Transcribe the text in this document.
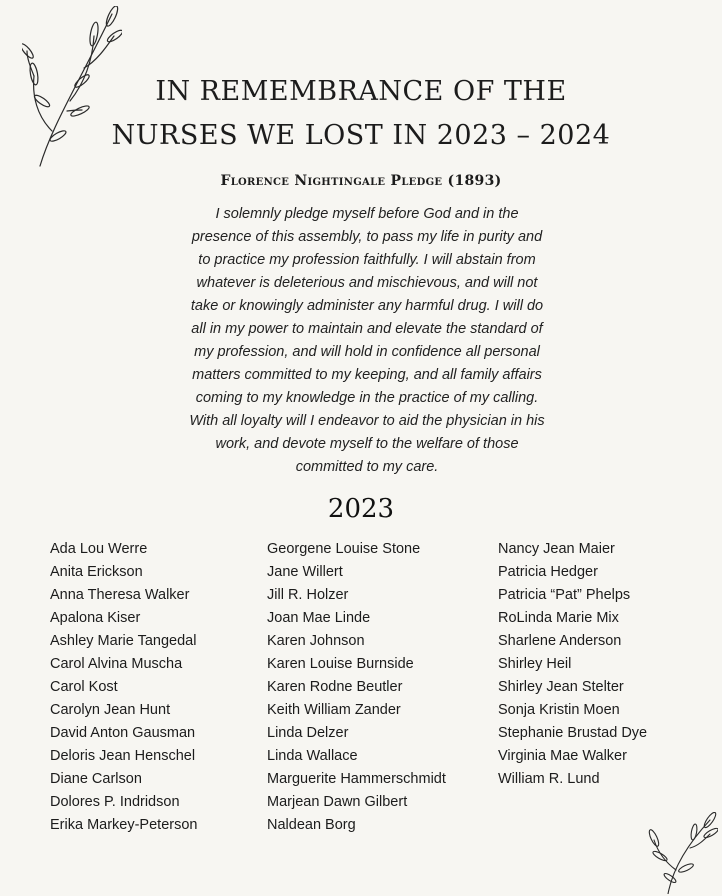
IN REMEMBRANCE OF THE
NURSES WE LOST IN 2023 – 2024
Florence Nightingale Pledge (1893)
I solemnly pledge myself before God and in the
presence of this assembly, to pass my life in purity and
to practice my profession faithfully. I will abstain from
whatever is deleterious and mischievous, and will not
take or knowingly administer any harmful drug. I will do
all in my power to maintain and elevate the standard of
my profession, and will hold in confidence all personal
matters committed to my keeping, and all family affairs
coming to my knowledge in the practice of my calling.
With all loyalty will I endeavor to aid the physician in his
work, and devote myself to the welfare of those
committed to my care.
2023
Ada Lou Werre
Anita Erickson
Anna Theresa Walker
Apalona Kiser
Ashley Marie Tangedal
Carol Alvina Muscha
Carol Kost
Carolyn Jean Hunt
David Anton Gausman
Deloris Jean Henschel
Diane Carlson
Dolores P. Indridson
Erika Markey-Peterson
Georgene Louise Stone
Jane Willert
Jill R. Holzer
Joan Mae Linde
Karen Johnson
Karen Louise Burnside
Karen Rodne Beutler
Keith William Zander
Linda Delzer
Linda Wallace
Marguerite Hammerschmidt
Marjean Dawn Gilbert
Naldean Borg
Nancy Jean Maier
Patricia Hedger
Patricia “Pat” Phelps
RoLinda Marie Mix
Sharlene Anderson
Shirley Heil
Shirley Jean Stelter
Sonja Kristin Moen
Stephanie Brustad Dye
Virginia Mae Walker
William R. Lund
